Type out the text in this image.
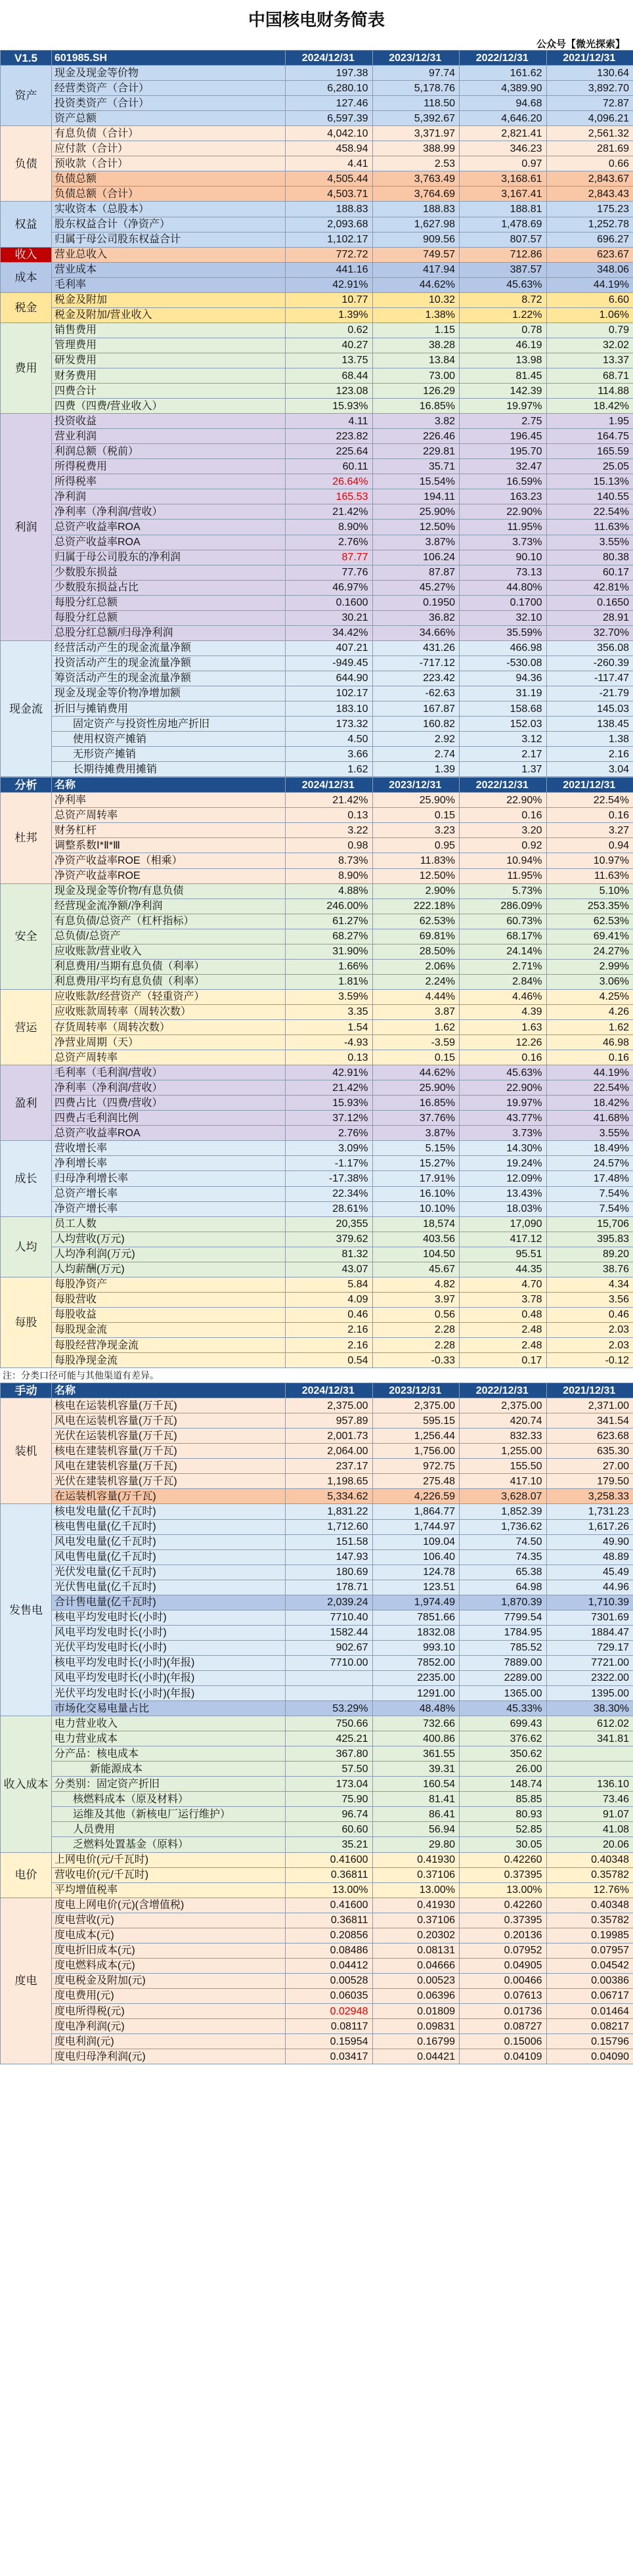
中国核电财务简表
公众号【微光探索】
V1.5	601985.SH	2024/12/31	2023/12/31	2022/12/31	2021/12/31
资产	现金及现金等价物	197.38	97.74	161.62	130.64
	经营类资产（合计）	6,280.10	5,178.76	4,389.90	3,892.70
	投资类资产（合计）	127.46	118.50	94.68	72.87
	资产总额	6,597.39	5,392.67	4,646.20	4,096.21
负债	有息负债（合计）	4,042.10	3,371.97	2,821.41	2,561.32
	应付款（合计）	458.94	388.99	346.23	281.69
	预收款（合计）	4.41	2.53	0.97	0.66
	负债总额	4,505.44	3,763.49	3,168.61	2,843.67
	负债总额（合计）	4,503.71	3,764.69	3,167.41	2,843.43
权益	实收资本（总股本）	188.83	188.83	188.81	175.23
	股东权益合计（净资产）	2,093.68	1,627.98	1,478.69	1,252.78
	归属于母公司股东权益合计	1,102.17	909.56	807.57	696.27
收入	营业总收入	772.72	749.57	712.86	623.67
成本	营业成本	441.16	417.94	387.57	348.06
	毛利率	42.91%	44.62%	45.63%	44.19%
税金	税金及附加	10.77	10.32	8.72	6.60
	税金及附加/营业收入	1.39%	1.38%	1.22%	1.06%
费用	销售费用	0.62	1.15	0.78	0.79
	管理费用	40.27	38.28	46.19	32.02
	研发费用	13.75	13.84	13.98	13.37
	财务费用	68.44	73.00	81.45	68.71
	四费合计	123.08	126.29	142.39	114.88
	四费（四费/营业收入）	15.93%	16.85%	19.97%	18.42%
利润	投资收益	4.11	3.82	2.75	1.95
	营业利润	223.82	226.46	196.45	164.75
	利润总额（税前）	225.64	229.81	195.70	165.59
	所得税费用	60.11	35.71	32.47	25.05
	所得税率	26.64%	15.54%	16.59%	15.13%
	净利润	165.53	194.11	163.23	140.55
	净利率（净利润/营收）	21.42%	25.90%	22.90%	22.54%
	总资产收益率ROA	8.90%	12.50%	11.95%	11.63%
	总资产收益率ROA	2.76%	3.87%	3.73%	3.55%
	归属于母公司股东的净利润	87.77	106.24	90.10	80.38
	少数股东损益	77.76	87.87	73.13	60.17
	少数股东损益占比	46.97%	45.27%	44.80%	42.81%
	每股分红总额	0.1600	0.1950	0.1700	0.1650
	每股分红总额	30.21	36.82	32.10	28.91
	总股分红总额/归母净利润	34.42%	34.66%	35.59%	32.70%
现金流	经营活动产生的现金流量净额	407.21	431.26	466.98	356.08
	投资活动产生的现金流量净额	-949.45	-717.12	-530.08	-260.39
	筹资活动产生的现金流量净额	644.90	223.42	94.36	-117.47
	现金及现金等价物净增加额	102.17	-62.63	31.19	-21.79
	折旧与摊销费用	183.10	167.87	158.68	145.03
	固定资产与投资性房地产折旧	173.32	160.82	152.03	138.45
	使用权资产摊销	4.50	2.92	3.12	1.38
	无形资产摊销	3.66	2.74	2.17	2.16
	长期待摊费用摊销	1.62	1.39	1.37	3.04
分析	名称	2024/12/31	2023/12/31	2022/12/31	2021/12/31
杜邦	净利率	21.42%	25.90%	22.90%	22.54%
	总资产周转率	0.13	0.15	0.16	0.16
	财务杠杆	3.22	3.23	3.20	3.27
	调整系数Ⅰ*Ⅱ*Ⅲ	0.98	0.95	0.92	0.94
	净资产收益率ROE（相乘）	8.73%	11.83%	10.94%	10.97%
	净资产收益率ROE	8.90%	12.50%	11.95%	11.63%
安全	现金及现金等价物/有息负债	4.88%	2.90%	5.73%	5.10%
	经营现金流净额/净利润	246.00%	222.18%	286.09%	253.35%
	有息负债/总资产（杠杆指标）	61.27%	62.53%	60.73%	62.53%
	总负债/总资产	68.27%	69.81%	68.17%	69.41%
	应收账款/营业收入	31.90%	28.50%	24.14%	24.27%
	利息费用/当期有息负债（利率）	1.66%	2.06%	2.71%	2.99%
	利息费用/平均有息负债（利率）	1.81%	2.24%	2.84%	3.06%
营运	应收账款/经营资产（轻重资产）	3.59%	4.44%	4.46%	4.25%
	应收账款周转率（周转次数）	3.35	3.87	4.39	4.26
	存货周转率（周转次数）	1.54	1.62	1.63	1.62
	净营业周期（天）	-4.93	-3.59	12.26	46.98
	总资产周转率	0.13	0.15	0.16	0.16
盈利	毛利率（毛利润/营收）	42.91%	44.62%	45.63%	44.19%
	净利率（净利润/营收）	21.42%	25.90%	22.90%	22.54%
	四费占比（四费/营收）	15.93%	16.85%	19.97%	18.42%
	四费占毛利润比例	37.12%	37.76%	43.77%	41.68%
	总资产收益率ROA	2.76%	3.87%	3.73%	3.55%
成长	营收增长率	3.09%	5.15%	14.30%	18.49%
	净利增长率	-1.17%	15.27%	19.24%	24.57%
	归母净利增长率	-17.38%	17.91%	12.09%	17.48%
	总资产增长率	22.34%	16.10%	13.43%	7.54%
	净资产增长率	28.61%	10.10%	18.03%	7.54%
人均	员工人数	20,355	18,574	17,090	15,706
	人均营收(万元)	379.62	403.56	417.12	395.83
	人均净利润(万元)	81.32	104.50	95.51	89.20
	人均薪酬(万元)	43.07	45.67	44.35	38.76
每股	每股净资产	5.84	4.82	4.70	4.34
	每股营收	4.09	3.97	3.78	3.56
	每股收益	0.46	0.56	0.48	0.46
	每股现金流	2.16	2.28	2.48	2.03
	每股经营净现金流	2.16	2.28	2.48	2.03
	每股净现金流	0.54	-0.33	0.17	-0.12
注：分类口径可能与其他渠道有差异。
手动	名称	2024/12/31	2023/12/31	2022/12/31	2021/12/31
装机	核电在运装机容量(万千瓦)	2,375.00	2,375.00	2,375.00	2,371.00
	风电在运装机容量(万千瓦)	957.89	595.15	420.74	341.54
	光伏在运装机容量(万千瓦)	2,001.73	1,256.44	832.33	623.68
	核电在建装机容量(万千瓦)	2,064.00	1,756.00	1,255.00	635.30
	风电在建装机容量(万千瓦)	237.17	972.75	155.50	27.00
	光伏在建装机容量(万千瓦)	1,198.65	275.48	417.10	179.50
	在运装机容量(万千瓦)	5,334.62	4,226.59	3,628.07	3,258.33
发售电	核电发电量(亿千瓦时)	1,831.22	1,864.77	1,852.39	1,731.23
	核电售电量(亿千瓦时)	1,712.60	1,744.97	1,736.62	1,617.26
	风电发电量(亿千瓦时)	151.58	109.04	74.50	49.90
	风电售电量(亿千瓦时)	147.93	106.40	74.35	48.89
	光伏发电量(亿千瓦时)	180.69	124.78	65.38	45.49
	光伏售电量(亿千瓦时)	178.71	123.51	64.98	44.96
	合计售电量(亿千瓦时)	2,039.24	1,974.49	1,870.39	1,710.39
	核电平均发电时长(小时)	7710.40	7851.66	7799.54	7301.69
	风电平均发电时长(小时)	1582.44	1832.08	1784.95	1884.47
	光伏平均发电时长(小时)	902.67	993.10	785.52	729.17
	核电平均发电时长(小时)(年报)	7710.00	7852.00	7889.00	7721.00
	风电平均发电时长(小时)(年报)		2235.00	2289.00	2322.00
	光伏平均发电时长(小时)(年报)		1291.00	1365.00	1395.00
	市场化交易电量占比	53.29%	48.48%	45.33%	38.30%
收入成本	电力营业收入	750.66	732.66	699.43	612.02
	电力营业成本	425.21	400.86	376.62	341.81
	分产品：核电成本	367.80	361.55	350.62	
	新能源成本	57.50	39.31	26.00	
	分类别：固定资产折旧	173.04	160.54	148.74	136.10
	核燃料成本（原及材料）	75.90	81.41	85.85	73.46
	运维及其他（新核电厂运行维护）	96.74	86.41	80.93	91.07
	人员费用	60.60	56.94	52.85	41.08
	乏燃料处置基金（原料）	35.21	29.80	30.05	20.06
电价	上网电价(元/千瓦时)	0.41600	0.41930	0.42260	0.40348
	营收电价(元/千瓦时)	0.36811	0.37106	0.37395	0.35782
	平均增值税率	13.00%	13.00%	13.00%	12.76%
度电	度电上网电价(元)(含增值税)	0.41600	0.41930	0.42260	0.40348
	度电营收(元)	0.36811	0.37106	0.37395	0.35782
	度电成本(元)	0.20856	0.20302	0.20136	0.19985
	度电折旧成本(元)	0.08486	0.08131	0.07952	0.07957
	度电燃料成本(元)	0.04412	0.04666	0.04905	0.04542
	度电税金及附加(元)	0.00528	0.00523	0.00466	0.00386
	度电费用(元)	0.06035	0.06396	0.07613	0.06717
	度电所得税(元)	0.02948	0.01809	0.01736	0.01464
	度电净利润(元)	0.08117	0.09831	0.08727	0.08217
	度电利润(元)	0.15954	0.16799	0.15006	0.15796
	度电归母净利润(元)	0.03417	0.04421	0.04109	0.04090
